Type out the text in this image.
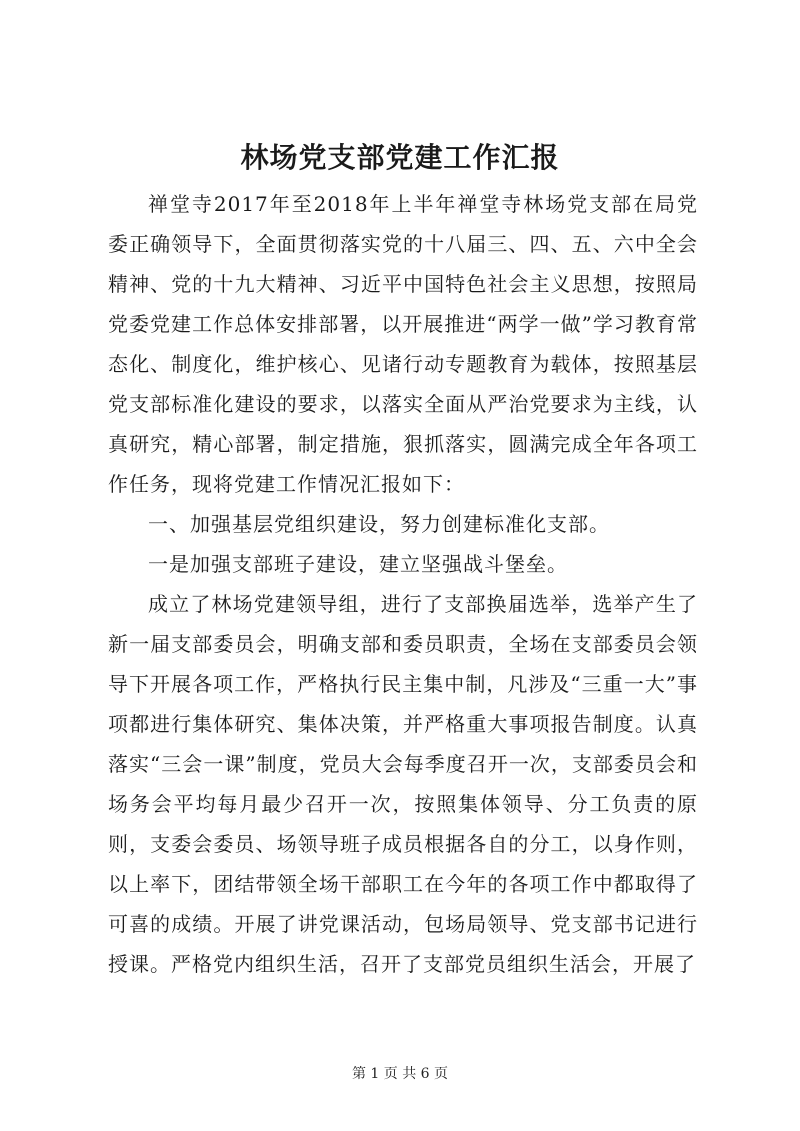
林场党支部党建工作汇报

禅堂寺2017年至2018年上半年禅堂寺林场党支部在局党委正确领导下，全面贯彻落实党的十八届三、四、五、六中全会精神、党的十九大精神、习近平中国特色社会主义思想，按照局党委党建工作总体安排部署，以开展推进“两学一做”学习教育常态化、制度化，维护核心、见诸行动专题教育为载体，按照基层党支部标准化建设的要求，以落实全面从严治党要求为主线，认真研究，精心部署，制定措施，狠抓落实，圆满完成全年各项工作任务，现将党建工作情况汇报如下：

一、加强基层党组织建设，努力创建标准化支部。

一是加强支部班子建设，建立坚强战斗堡垒。

成立了林场党建领导组，进行了支部换届选举，选举产生了新一届支部委员会，明确支部和委员职责，全场在支部委员会领导下开展各项工作，严格执行民主集中制，凡涉及“三重一大”事项都进行集体研究、集体决策，并严格重大事项报告制度。认真落实“三会一课”制度，党员大会每季度召开一次，支部委员会和场务会平均每月最少召开一次，按照集体领导、分工负责的原则，支委会委员、场领导班子成员根据各自的分工，以身作则，以上率下，团结带领全场干部职工在今年的各项工作中都取得了可喜的成绩。开展了讲党课活动，包场局领导、党支部书记进行授课。严格党内组织生活，召开了支部党员组织生活会，开展了

第 1 页 共 6 页
